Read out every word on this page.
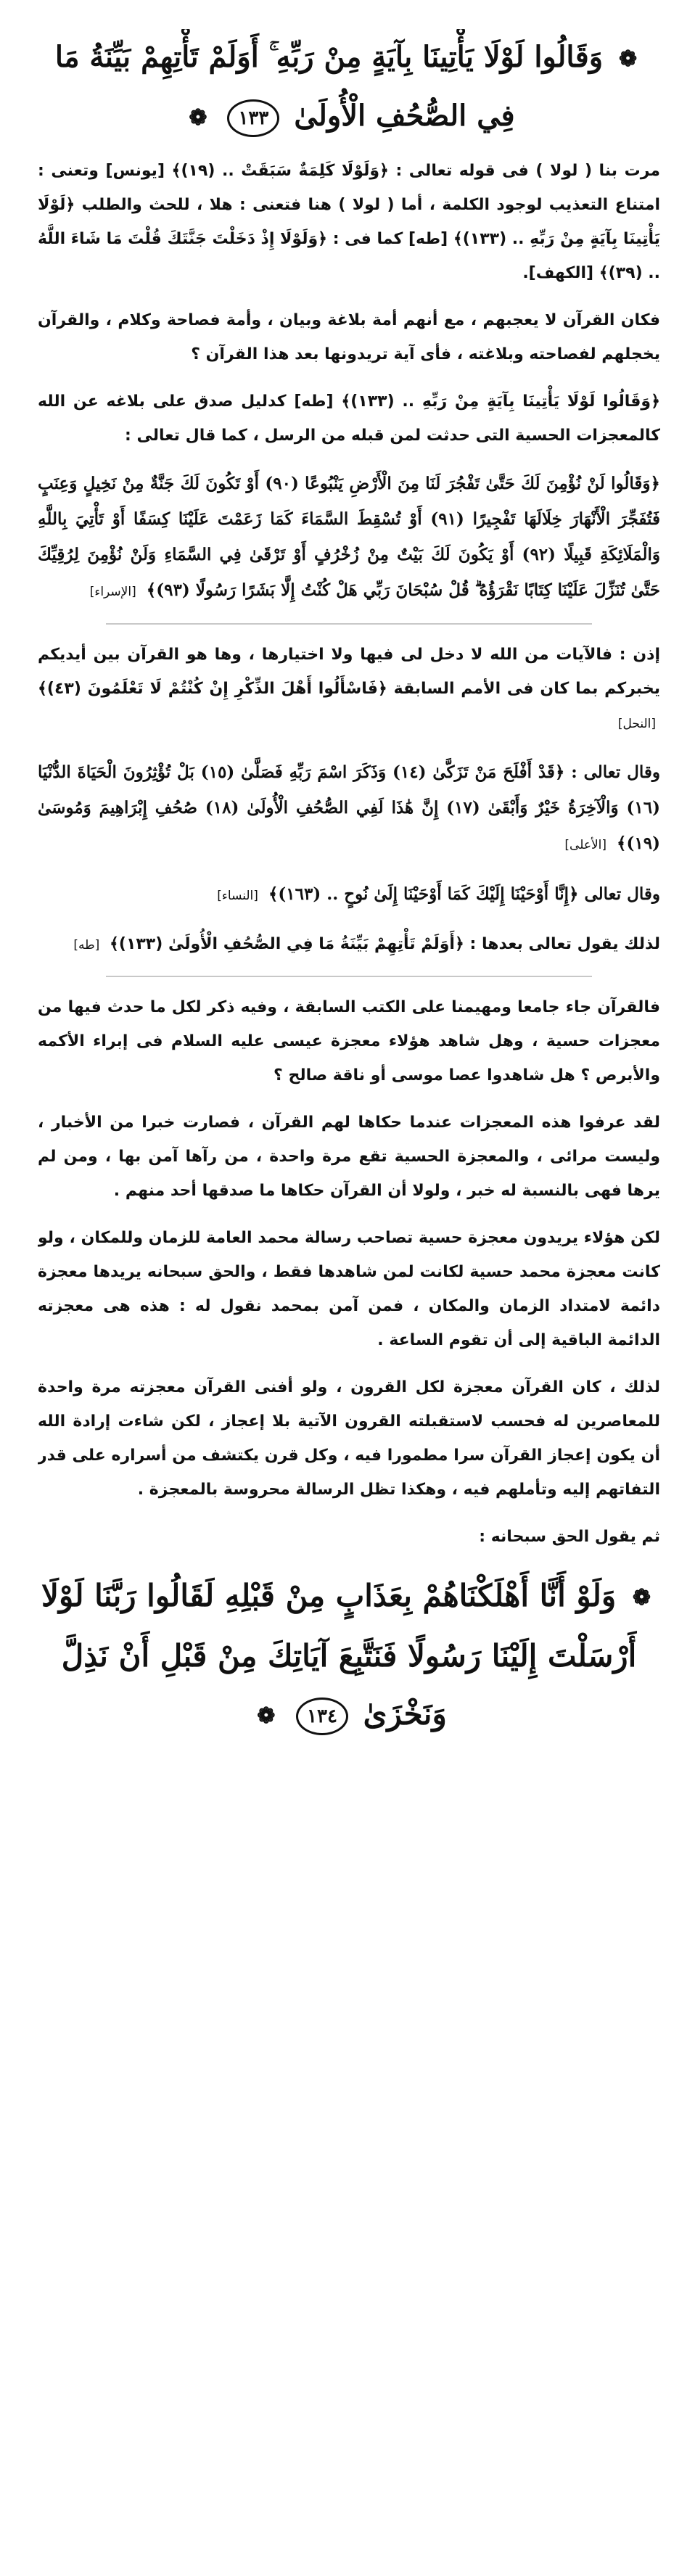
❁ وَقَالُوا لَوْلَا يَأْتِينَا بِآيَةٍ مِنْ رَبِّهِ ۚ أَوَلَمْ تَأْتِهِمْ بَيِّنَةُ مَا فِي الصُّحُفِ الْأُولَىٰ ١٣٣ ❁

مرت بنا ( لولا ) فى قوله تعالى : ﴿وَلَوْلَا كَلِمَةٌ سَبَقَتْ .. (١٩)﴾ [يونس] وتعنى : امتناع التعذيب لوجود الكلمة ، أما ( لولا ) هنا فتعنى : هلا ، للحث والطلب ﴿لَوْلَا يَأْتِينَا بِآيَةٍ مِنْ رَبِّهِ .. (١٣٣)﴾ [طه] كما فى : ﴿وَلَوْلَا إِذْ دَخَلْتَ جَنَّتَكَ قُلْتَ مَا شَاءَ اللَّهُ .. (٣٩)﴾ [الكهف].

فكان القرآن لا يعجبهم ، مع أنهم أمة بلاغة وبيان ، وأمة فصاحة وكلام ، والقرآن يخجلهم لفصاحته وبلاغته ، فأى آية تريدونها بعد هذا القرآن ؟

﴿وَقَالُوا لَوْلَا يَأْتِينَا بِآيَةٍ مِنْ رَبِّهِ .. (١٣٣)﴾ [طه] كدليل صدق على بلاغه عن الله كالمعجزات الحسية التى حدثت لمن قبله من الرسل ، كما قال تعالى :

﴿وَقَالُوا لَنْ نُؤْمِنَ لَكَ حَتَّىٰ تَفْجُرَ لَنَا مِنَ الْأَرْضِ يَنْبُوعًا (٩٠) أَوْ تَكُونَ لَكَ جَنَّةٌ مِنْ نَخِيلٍ وَعِنَبٍ فَتُفَجِّرَ الْأَنْهَارَ خِلَالَهَا تَفْجِيرًا (٩١) أَوْ تُسْقِطَ السَّمَاءَ كَمَا زَعَمْتَ عَلَيْنَا كِسَفًا أَوْ تَأْتِيَ بِاللَّهِ وَالْمَلَائِكَةِ قَبِيلًا (٩٢) أَوْ يَكُونَ لَكَ بَيْتٌ مِنْ زُخْرُفٍ أَوْ تَرْقَىٰ فِي السَّمَاءِ وَلَنْ نُؤْمِنَ لِرُقِيِّكَ حَتَّىٰ تُنَزِّلَ عَلَيْنَا كِتَابًا نَقْرَؤُهُ ۗ قُلْ سُبْحَانَ رَبِّي هَلْ كُنْتُ إِلَّا بَشَرًا رَسُولًا (٩٣)﴾ [الإسراء]

إذن : فالآيات من الله لا دخل لى فيها ولا اختيارها ، وها هو القرآن بين أيديكم يخبركم بما كان فى الأمم السابقة ﴿فَاسْأَلُوا أَهْلَ الذِّكْرِ إِنْ كُنْتُمْ لَا تَعْلَمُونَ (٤٣)﴾ [النحل]

وقال تعالى : ﴿قَدْ أَفْلَحَ مَنْ تَزَكَّىٰ (١٤) وَذَكَرَ اسْمَ رَبِّهِ فَصَلَّىٰ (١٥) بَلْ تُؤْثِرُونَ الْحَيَاةَ الدُّنْيَا (١٦) وَالْآخِرَةُ خَيْرٌ وَأَبْقَىٰ (١٧) إِنَّ هَٰذَا لَفِي الصُّحُفِ الْأُولَىٰ (١٨) صُحُفِ إِبْرَاهِيمَ وَمُوسَىٰ (١٩)﴾ [الأعلى]

وقال تعالى ﴿إِنَّا أَوْحَيْنَا إِلَيْكَ كَمَا أَوْحَيْنَا إِلَىٰ نُوحٍ .. (١٦٣)﴾ [النساء]

لذلك يقول تعالى بعدها : ﴿أَوَلَمْ تَأْتِهِمْ بَيِّنَةُ مَا فِي الصُّحُفِ الْأُولَىٰ (١٣٣)﴾ [طه]

فالقرآن جاء جامعا ومهيمنا على الكتب السابقة ، وفيه ذكر لكل ما حدث فيها من معجزات حسية ، وهل شاهد هؤلاء معجزة عيسى عليه السلام فى إبراء الأكمه والأبرص ؟ هل شاهدوا عصا موسى أو ناقة صالح ؟

لقد عرفوا هذه المعجزات عندما حكاها لهم القرآن ، فصارت خبرا من الأخبار ، وليست مرائى ، والمعجزة الحسية تقع مرة واحدة ، من رآها آمن بها ، ومن لم يرها فهى بالنسبة له خبر ، ولولا أن القرآن حكاها ما صدقها أحد منهم .

لكن هؤلاء يريدون معجزة حسية تصاحب رسالة محمد العامة للزمان وللمكان ، ولو كانت معجزة محمد حسية لكانت لمن شاهدها فقط ، والحق سبحانه يريدها معجزة دائمة لامتداد الزمان والمكان ، فمن آمن بمحمد نقول له : هذه هى معجزته الدائمة الباقية إلى أن تقوم الساعة .

لذلك ، كان القرآن معجزة لكل القرون ، ولو أفنى القرآن معجزته مرة واحدة للمعاصرين له فحسب لاستقبلته القرون الآتية بلا إعجاز ، لكن شاءت إرادة الله أن يكون إعجاز القرآن سرا مطمورا فيه ، وكل قرن يكتشف من أسراره على قدر التفاتهم إليه وتأملهم فيه ، وهكذا تظل الرسالة محروسة بالمعجزة .

ثم يقول الحق سبحانه :

❁ وَلَوْ أَنَّا أَهْلَكْنَاهُمْ بِعَذَابٍ مِنْ قَبْلِهِ لَقَالُوا رَبَّنَا لَوْلَا أَرْسَلْتَ إِلَيْنَا رَسُولًا فَنَتَّبِعَ آيَاتِكَ مِنْ قَبْلِ أَنْ نَذِلَّ وَنَخْزَىٰ ١٣٤ ❁
